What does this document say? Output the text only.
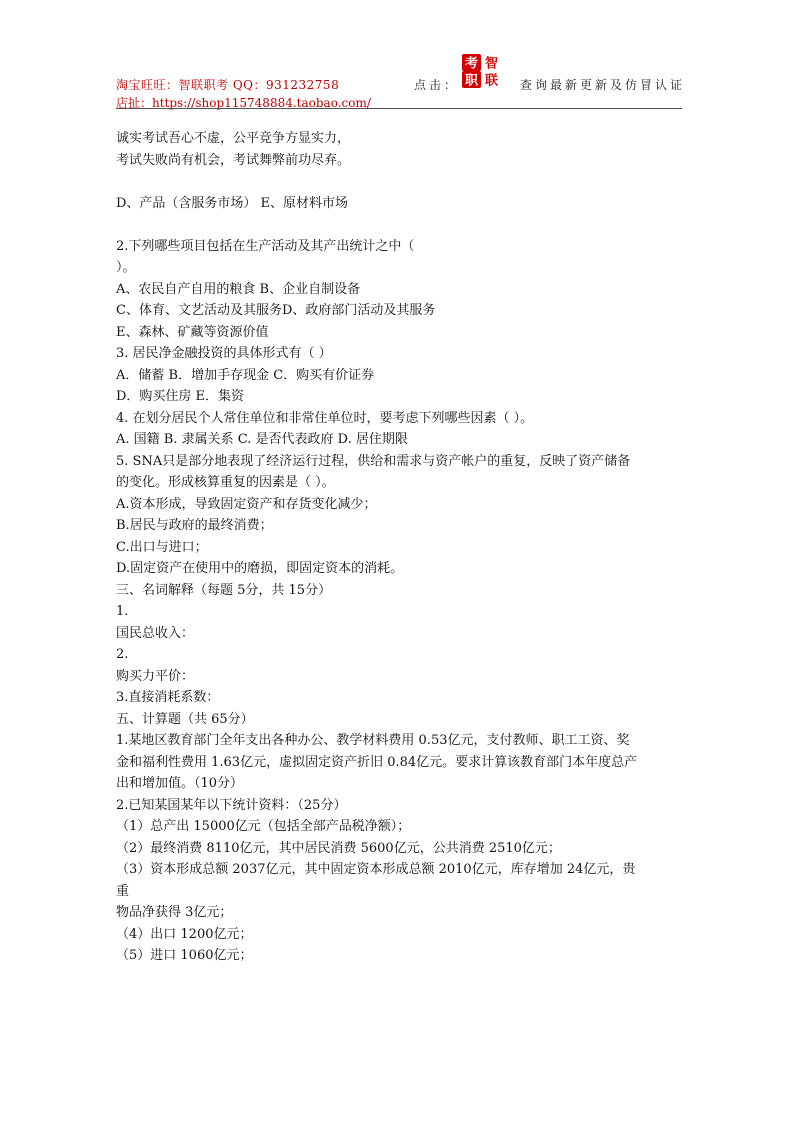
淘宝旺旺：智联职考 QQ：931232758
店扯：https://shop115748884.taobao.com/
点击：
考 智
职 联 查询最新更新及仿冒认证
诚实考试吾心不虚，公平竞争方显实力，
考试失败尚有机会，考试舞弊前功尽弃。
D、产品（含服务市场） E、原材料市场
2.下列哪些项目包括在生产活动及其产出统计之中（
）。
A、农民自产自用的粮食 B、企业自制设备
C、体育、文艺活动及其服务D、政府部门活动及其服务
E、森林、矿藏等资源价值
3. 居民净金融投资的具体形式有（ ）
A．储蓄 B．增加手存现金 C．购买有价证券
D．购买住房 E．集资
4. 在划分居民个人常住单位和非常住单位时，要考虑下列哪些因素（ ）。
A. 国籍 B. 隶属关系 C. 是否代表政府 D. 居住期限
5. SNA只是部分地表现了经济运行过程，供给和需求与资产帐户的重复，反映了资产储备
的变化。形成核算重复的因素是（ ）。
A.资本形成，导致固定资产和存货变化减少；
B.居民与政府的最终消费；
C.出口与进口；
D.固定资产在使用中的磨损，即固定资本的消耗。
三、名词解释（每题 5分，共 15分）
1.
国民总收入：
2.
购买力平价：
3.直接消耗系数：
五、计算题（共 65分）
1.某地区教育部门全年支出各种办公、教学材料费用 0.53亿元，支付教师、职工工资、奖
金和福利性费用 1.63亿元，虚拟固定资产折旧 0.84亿元。要求计算该教育部门本年度总产
出和增加值。（10分）
2.已知某国某年以下统计资料：（25分）
（1）总产出 15000亿元（包括全部产品税净额）；
（2）最终消费 8110亿元，其中居民消费 5600亿元，公共消费 2510亿元；
（3）资本形成总额 2037亿元，其中固定资本形成总额 2010亿元，库存增加 24亿元，贵
重
物品净获得 3亿元；
（4）出口 1200亿元；
（5）进口 1060亿元；
